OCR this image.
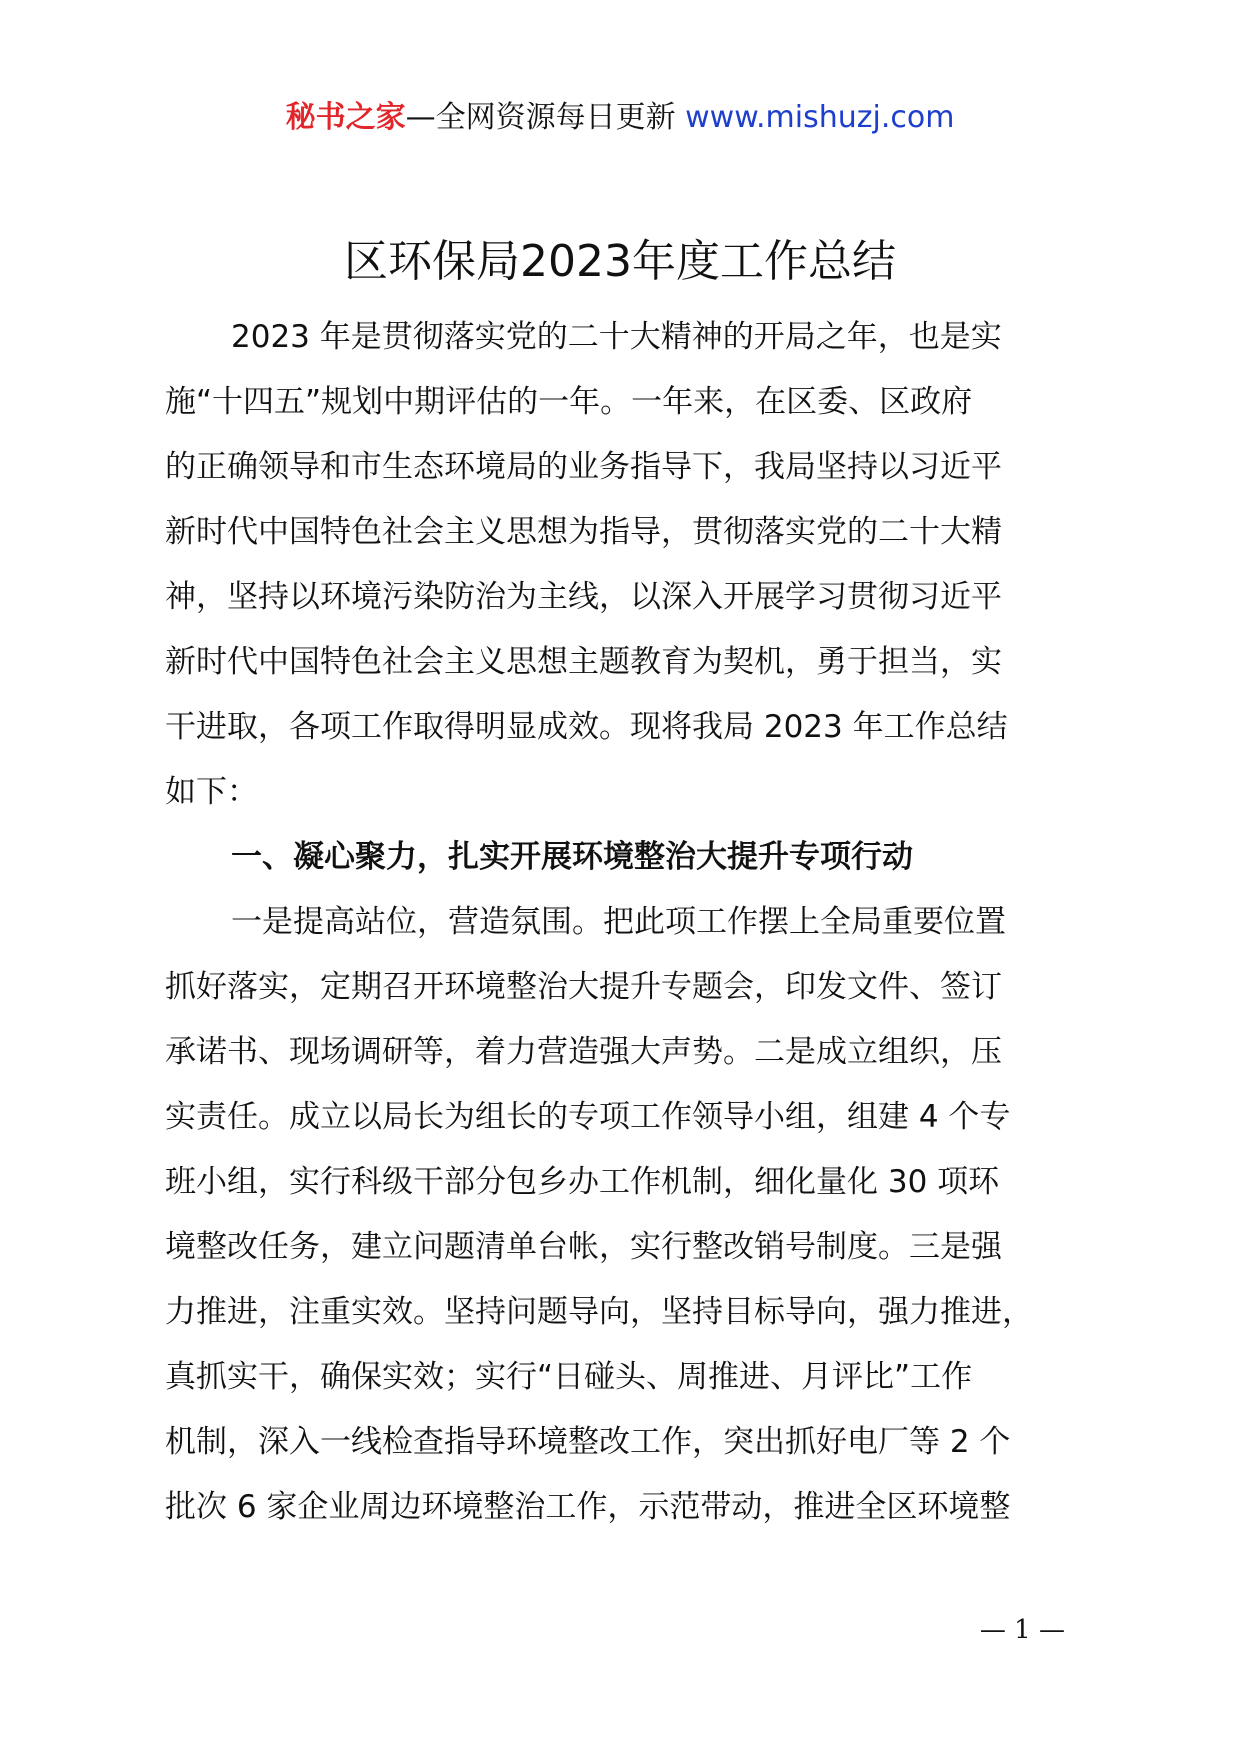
秘书之家—全网资源每日更新 www.mishuzj.com
区环保局2023年度工作总结
2023 年是贯彻落实党的二十大精神的开局之年，也是实
施“十四五”规划中期评估的一年。一年来，在区委、区政府
的正确领导和市生态环境局的业务指导下，我局坚持以习近平
新时代中国特色社会主义思想为指导，贯彻落实党的二十大精
神，坚持以环境污染防治为主线，以深入开展学习贯彻习近平
新时代中国特色社会主义思想主题教育为契机，勇于担当，实
干进取，各项工作取得明显成效。现将我局 2023 年工作总结
如下：
一、凝心聚力，扎实开展环境整治大提升专项行动
一是提高站位，营造氛围。把此项工作摆上全局重要位置
抓好落实，定期召开环境整治大提升专题会，印发文件、签订
承诺书、现场调研等，着力营造强大声势。二是成立组织，压
实责任。成立以局长为组长的专项工作领导小组，组建 4 个专
班小组，实行科级干部分包乡办工作机制，细化量化 30 项环
境整改任务，建立问题清单台帐，实行整改销号制度。三是强
力推进，注重实效。坚持问题导向，坚持目标导向，强力推进，
真抓实干，确保实效；实行“日碰头、周推进、月评比”工作
机制，深入一线检查指导环境整改工作，突出抓好电厂等 2 个
批次 6 家企业周边环境整治工作，示范带动，推进全区环境整
— 1 —
